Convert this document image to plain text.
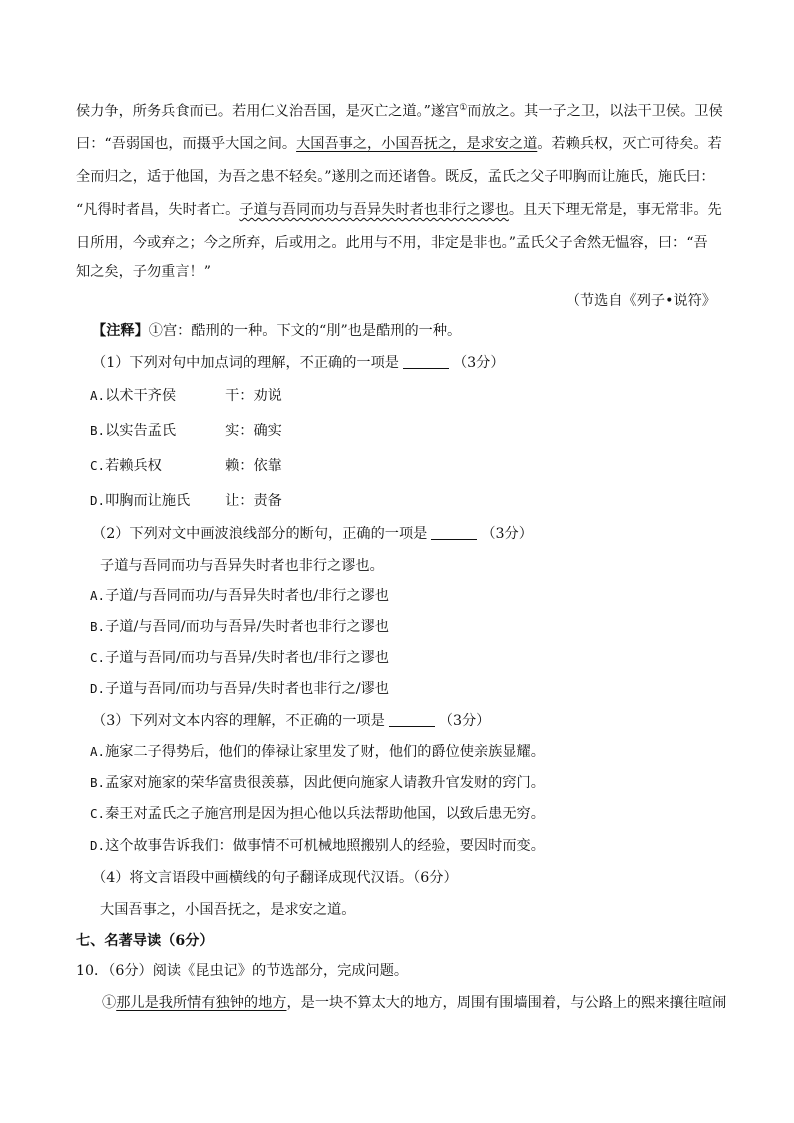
侯力争，所务兵食而已。若用仁义治吾国，是灭亡之道。”遂宫①而放之。其一子之卫，以法干卫侯。卫侯
曰：“吾弱国也，而摄乎大国之间。大国吾事之，小国吾抚之，是求安之道。若赖兵权，灭亡可待矣。若
全而归之，适于他国，为吾之患不轻矣。”遂刖之而还诸鲁。既反，孟氏之父子叩胸而让施氏，施氏曰：
“凡得时者昌，失时者亡。子道与吾同而功与吾异失时者也非行之谬也。且天下理无常是，事无常非。先
日所用，今或弃之；今之所弃，后或用之。此用与不用，非定是非也。”孟氏父子舍然无愠容，曰：“吾
知之矣，子勿重言！”
（节选自《列子•说符》
【注释】①宫：酷刑的一种。下文的“刖”也是酷刑的一种。
（1）下列对句中加点词的理解，不正确的一项是	（3分）
A.以术干齐侯	干：劝说
B.以实告孟氏	实：确实
C.若赖兵权	赖：依靠
D.叩胸而让施氏 让：责备
（2）下列对文中画波浪线部分的断句，正确的一项是	（3分）
子道与吾同而功与吾异失时者也非行之谬也。
A.子道/与吾同而功/与吾异失时者也/非行之谬也
B.子道/与吾同/而功与吾异/失时者也非行之谬也
C.子道与吾同/而功与吾异/失时者也/非行之谬也
D.子道与吾同/而功与吾异/失时者也非行之/谬也
（3）下列对文本内容的理解，不正确的一项是	（3分）
A.施家二子得势后，他们的俸禄让家里发了财，他们的爵位使亲族显耀。
B.孟家对施家的荣华富贵很羡慕，因此便向施家人请教升官发财的窍门。
C.秦王对孟氏之子施宫刑是因为担心他以兵法帮助他国，以致后患无穷。
D.这个故事告诉我们：做事情不可机械地照搬别人的经验，要因时而变。
（4）将文言语段中画横线的句子翻译成现代汉语。（6分）
大国吾事之，小国吾抚之，是求安之道。
七、名著导读（6分）
10．（6分）阅读《昆虫记》的节选部分，完成问题。
①那儿是我所情有独钟的地方，是一块不算太大的地方，周围有围墙围着，与公路上的熙来攘往喧闹
